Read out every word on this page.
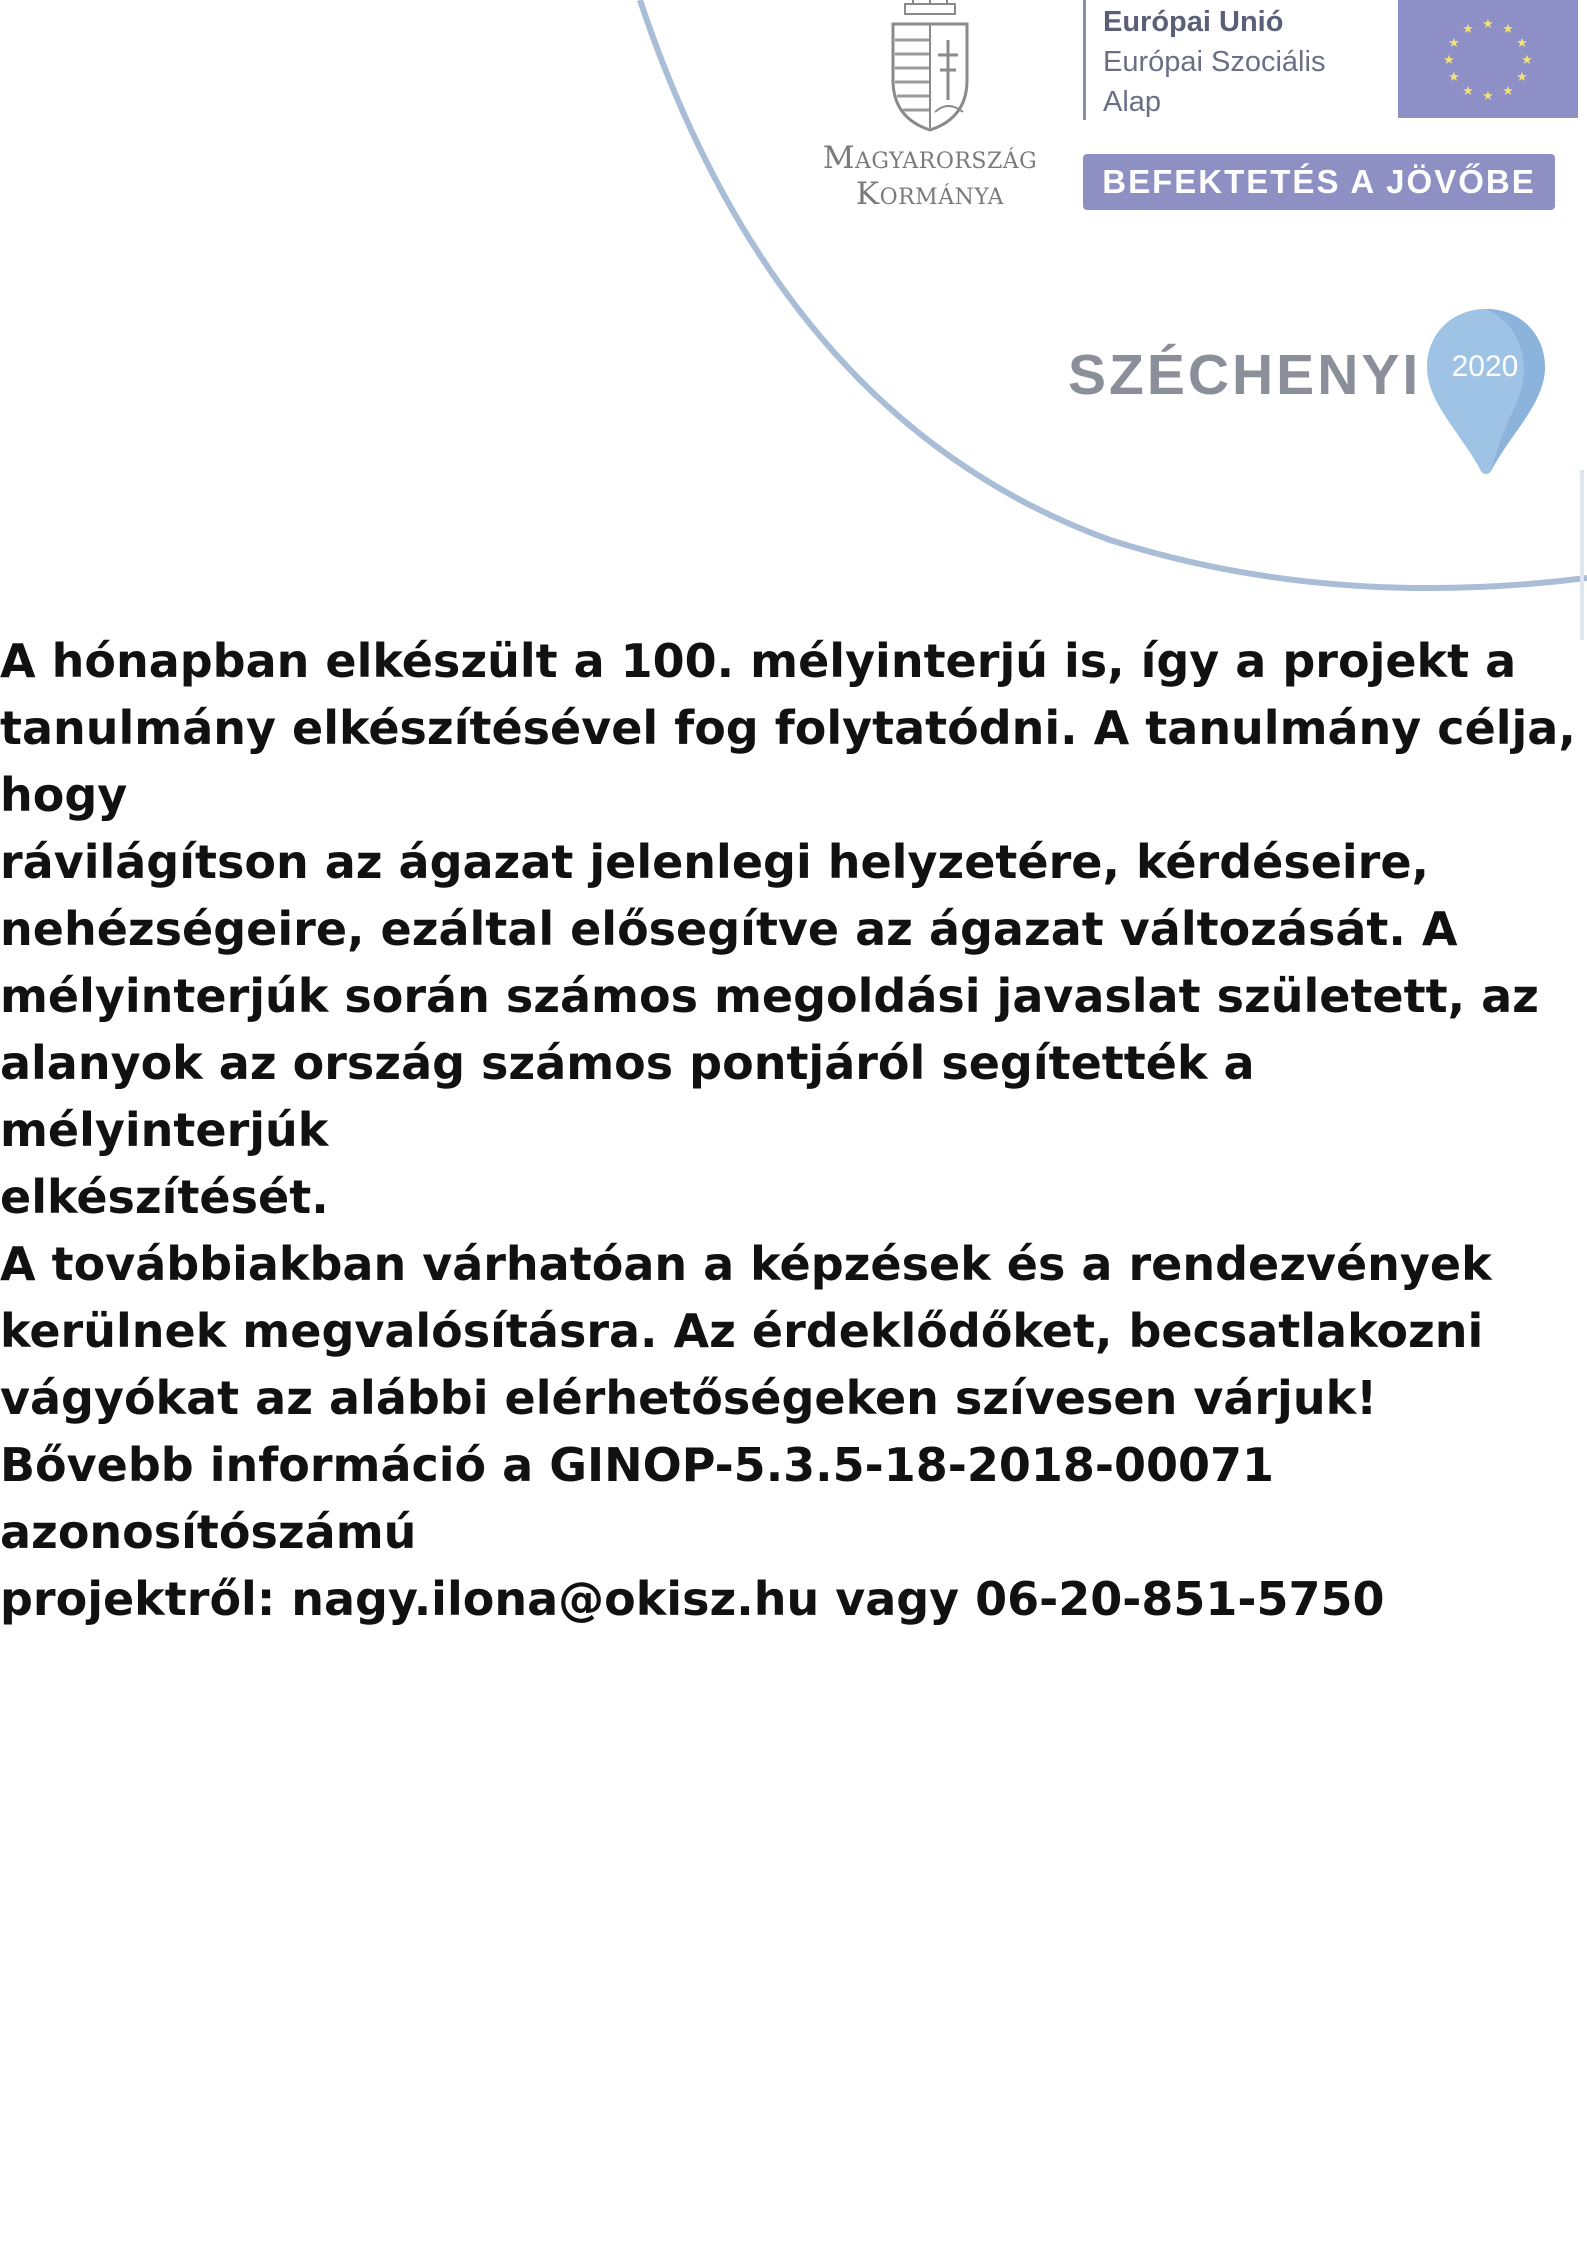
Magyarország
Kormánya
Európai Unió
Európai Szociális
Alap
★ ★
★
★
★
★
★
★
★
★
★
★
BEFEKTETÉS A JÖVŐBE
SZÉCHENYI	2020

A hónapban elkészült a 100. mélyinterjú is, így a projekt a
tanulmány elkészítésével fog folytatódni. A tanulmány célja, hogy
rávilágítson az ágazat jelenlegi helyzetére, kérdéseire,
nehézségeire, ezáltal elősegítve az ágazat változását. A
mélyinterjúk során számos megoldási javaslat született, az
alanyok az ország számos pontjáról segítették a mélyinterjúk
elkészítését.

A továbbiakban várhatóan a képzések és a rendezvények
kerülnek megvalósításra. Az érdeklődőket, becsatlakozni
vágyókat az alábbi elérhetőségeken szívesen várjuk!

Bővebb információ a GINOP-5.3.5-18-2018-00071 azonosítószámú
projektről: nagy.ilona@okisz.hu vagy 06-20-851-5750
